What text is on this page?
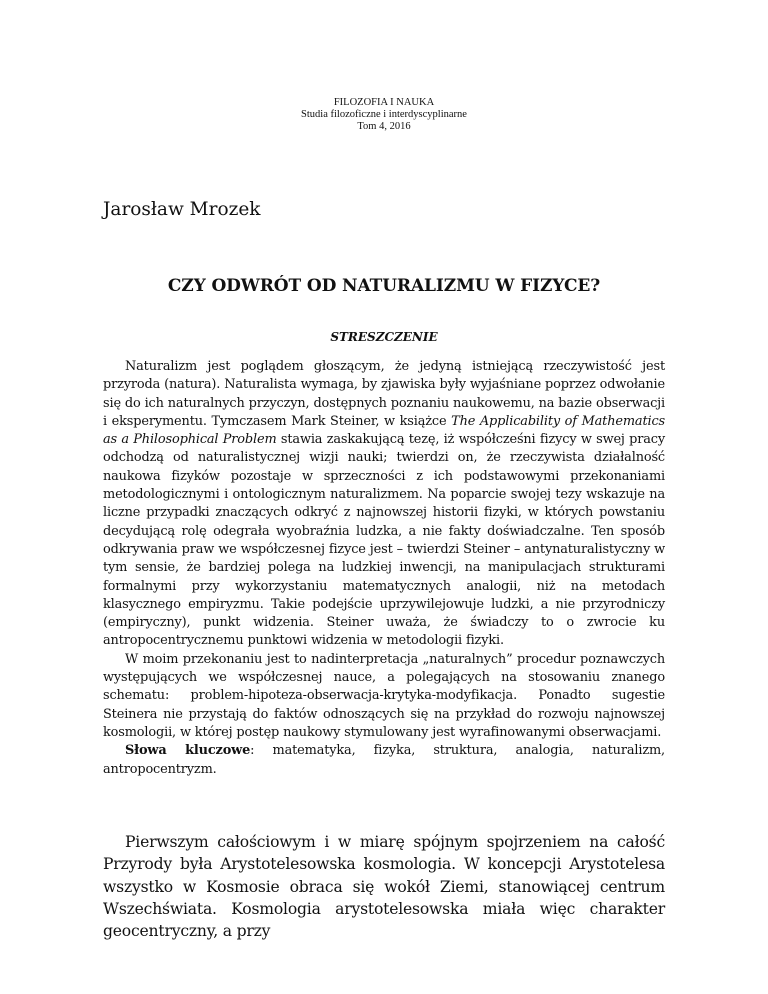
FILOZOFIA I NAUKA
Studia filozoficzne i interdyscyplinarne
Tom 4, 2016
Jarosław Mrozek
CZY ODWRÓT OD NATURALIZMU W FIZYCE?
STRESZCZENIE

Naturalizm jest poglądem głoszącym, że jedyną istniejącą rzeczywistość jest przyroda (natura). Naturalista wymaga, by zjawiska były wyjaśniane poprzez odwołanie się do ich naturalnych przyczyn, dostępnych poznaniu naukowemu, na bazie obserwacji i eksperymentu. Tymczasem Mark Steiner, w książce The Applicability of Mathematics as a Philosophical Problem stawia zaskakującą tezę, iż współcześni fizycy w swej pracy odchodzą od naturalistycznej wizji nauki; twierdzi on, że rzeczywista działalność naukowa fizyków pozostaje w sprzeczności z ich podstawowymi przekonaniami metodologicznymi i ontologicznym naturalizmem. Na poparcie swojej tezy wskazuje na liczne przypadki znaczących odkryć z najnowszej historii fizyki, w których powstaniu decydującą rolę odegrała wyobraźnia ludzka, a nie fakty doświadczalne. Ten sposób odkrywania praw we współczesnej fizyce jest – twierdzi Steiner – antynaturalistyczny w tym sensie, że bardziej polega na ludzkiej inwencji, na manipulacjach strukturami formalnymi przy wykorzystaniu matematycznych analogii, niż na metodach klasycznego empiryzmu. Takie podejście uprzywilejowuje ludzki, a nie przyrodniczy (empiryczny), punkt widzenia. Steiner uważa, że świadczy to o zwrocie ku antropocentrycznemu punktowi widzenia w metodologii fizyki.

W moim przekonaniu jest to nadinterpretacja „naturalnych” procedur poznawczych występujących we współczesnej nauce, a polegających na stosowaniu znanego schematu: problem-hipoteza-obserwacja-krytyka-modyfikacja. Ponadto sugestie Steinera nie przystają do faktów odnoszących się na przykład do rozwoju najnowszej kosmologii, w której postęp naukowy stymulowany jest wyrafinowanymi obserwacjami.

Słowa kluczowe: matematyka, fizyka, struktura, analogia, naturalizm, antropocentryzm.

Pierwszym całościowym i w miarę spójnym spojrzeniem na całość Przyrody była Arystotelesowska kosmologia. W koncepcji Arystotelesa wszystko w Kosmosie obraca się wokół Ziemi, stanowiącej centrum Wszechświata. Kosmologia arystotelesowska miała więc charakter geocentryczny, a przy
